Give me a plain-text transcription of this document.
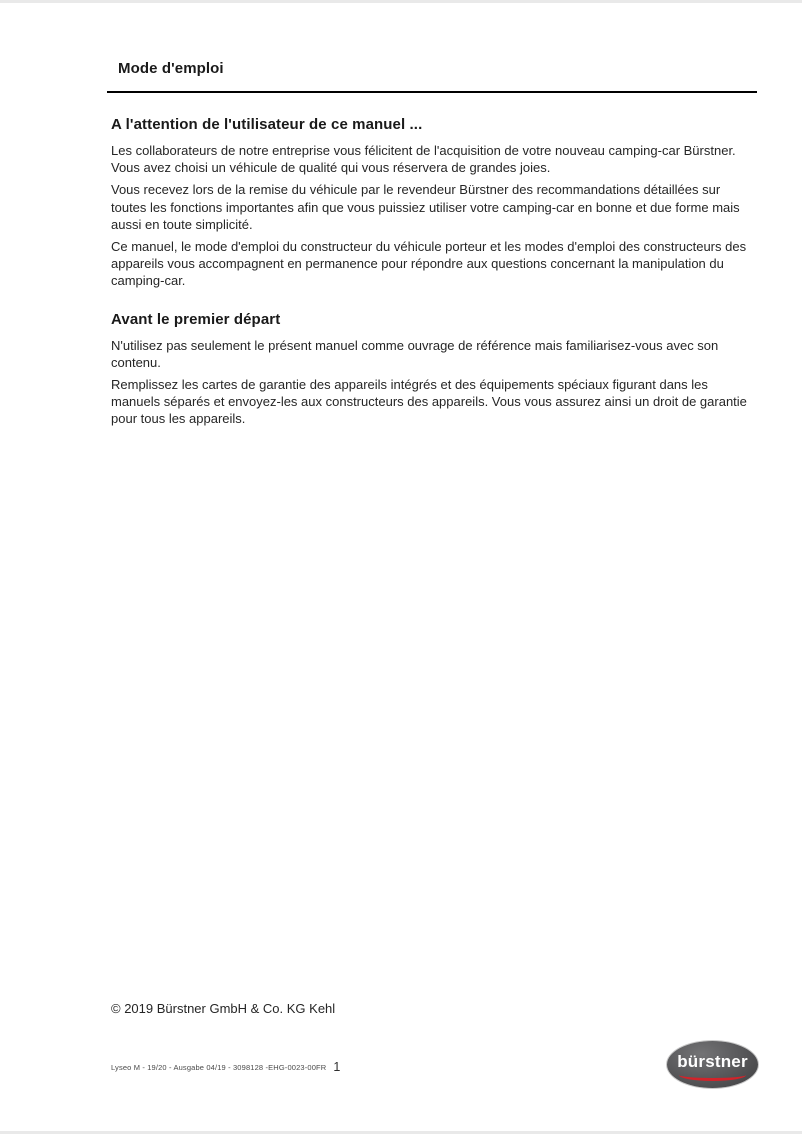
Mode d'emploi
A l'attention de l'utilisateur de ce manuel ...

Les collaborateurs de notre entreprise vous félicitent de l'acquisition de votre nouveau camping-car Bürstner. Vous avez choisi un véhicule de qualité qui vous réservera de grandes joies.

Vous recevez lors de la remise du véhicule par le revendeur Bürstner des recommandations détaillées sur toutes les fonctions importantes afin que vous puissiez utiliser votre camping-car en bonne et due forme mais aussi en toute simplicité.

Ce manuel, le mode d'emploi du constructeur du véhicule porteur et les modes d'emploi des constructeurs des appareils vous accompagnent en permanence pour répondre aux questions concernant la manipulation du camping-car.

Avant le premier départ

N'utilisez pas seulement le présent manuel comme ouvrage de référence mais familiarisez-vous avec son contenu.

Remplissez les cartes de garantie des appareils intégrés et des équipements spéciaux figurant dans les manuels séparés et envoyez-les aux constructeurs des appareils. Vous vous assurez ainsi un droit de garantie pour tous les appareils.

© 2019 Bürstner GmbH & Co. KG Kehl
Lyseo M - 19/20 - Ausgabe 04/19 - 3098128 -EHG-0023-00FR 1	bürstner
